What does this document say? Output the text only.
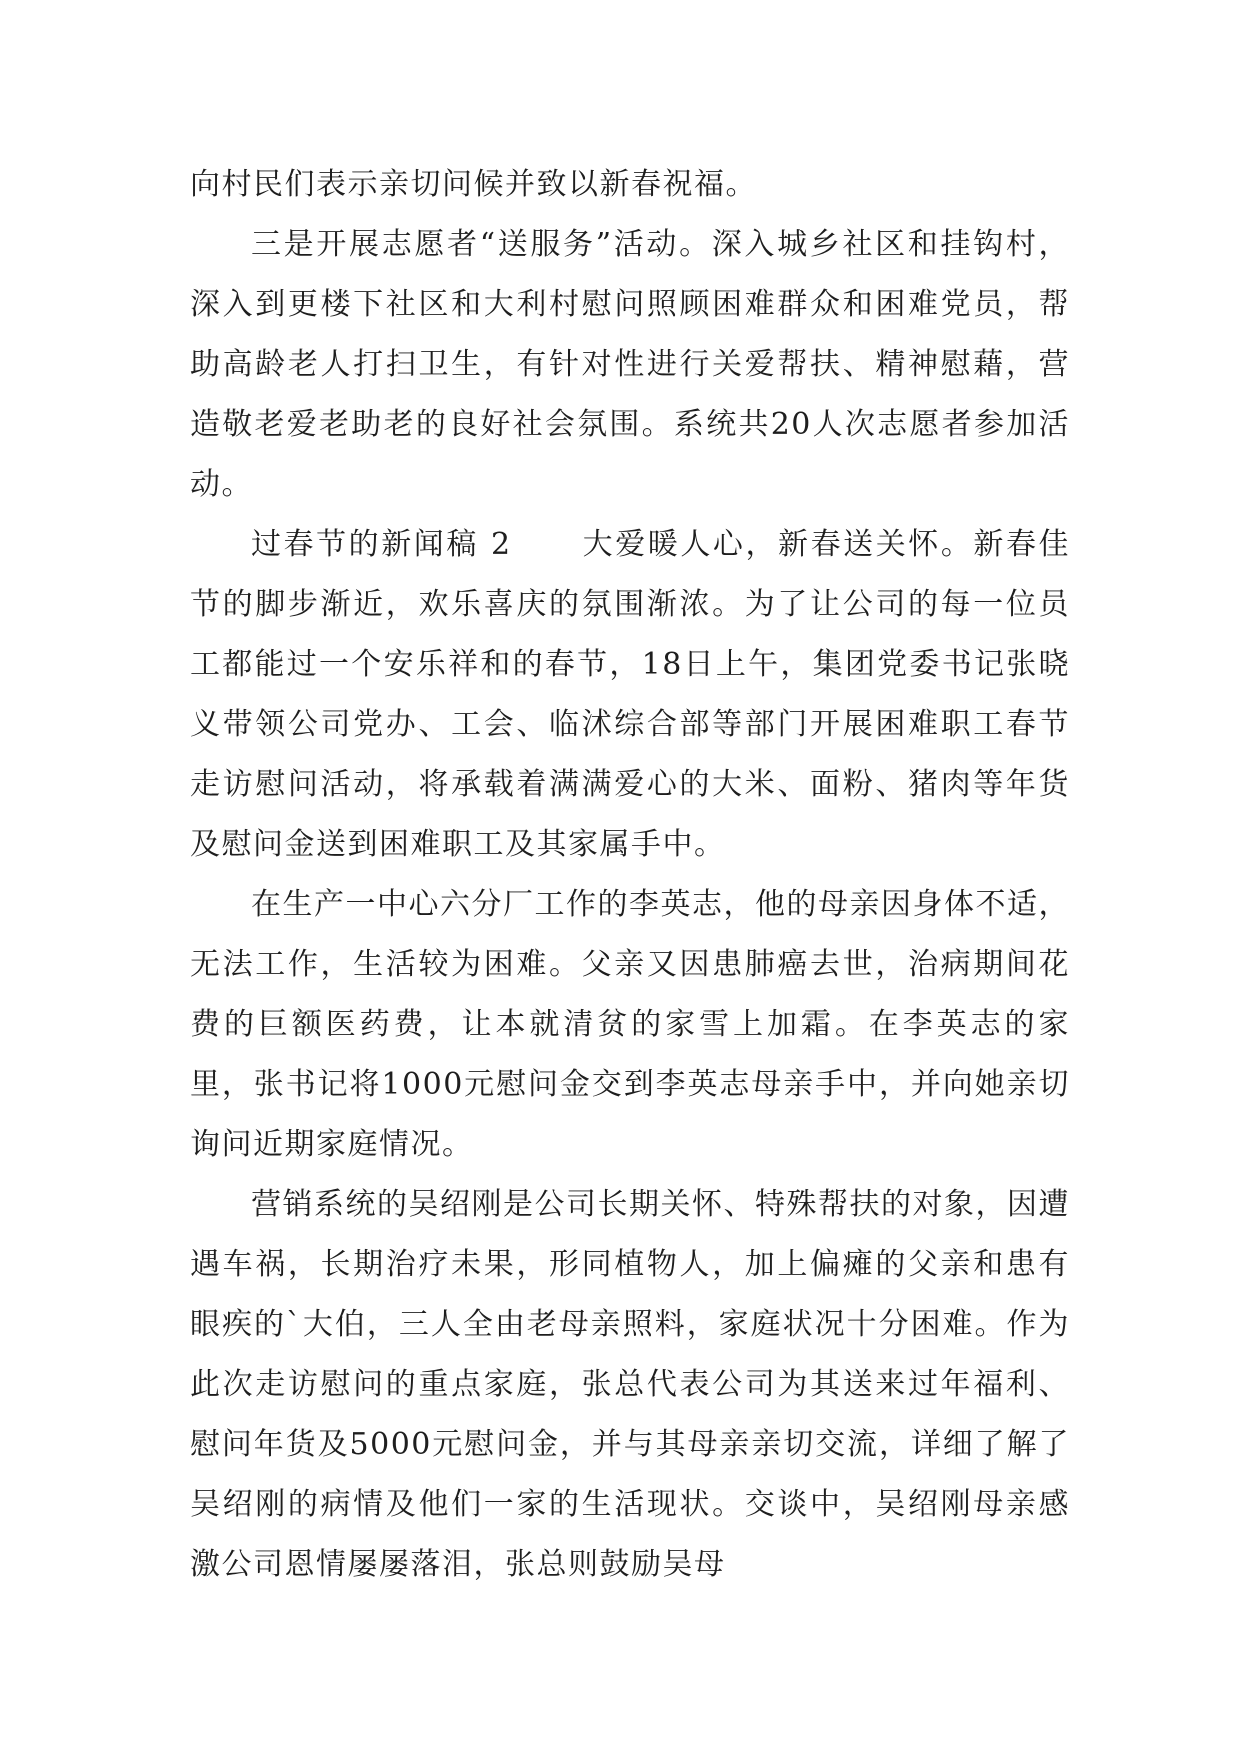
向村民们表示亲切问候并致以新春祝福。

三是开展志愿者“送服务”活动。深入城乡社区和挂钩村，深入到更楼下社区和大利村慰问照顾困难群众和困难党员，帮助高龄老人打扫卫生，有针对性进行关爱帮扶、精神慰藉，营造敬老爱老助老的良好社会氛围。系统共20人次志愿者参加活动。

过春节的新闻稿 2 大爱暖人心，新春送关怀。新春佳节的脚步渐近，欢乐喜庆的氛围渐浓。为了让公司的每一位员工都能过一个安乐祥和的春节，18日上午，集团党委书记张晓义带领公司党办、工会、临沭综合部等部门开展困难职工春节走访慰问活动，将承载着满满爱心的大米、面粉、猪肉等年货及慰问金送到困难职工及其家属手中。

在生产一中心六分厂工作的李英志，他的母亲因身体不适，无法工作，生活较为困难。父亲又因患肺癌去世，治病期间花费的巨额医药费，让本就清贫的家雪上加霜。在李英志的家里，张书记将1000元慰问金交到李英志母亲手中，并向她亲切询问近期家庭情况。

营销系统的吴绍刚是公司长期关怀、特殊帮扶的对象，因遭遇车祸，长期治疗未果，形同植物人，加上偏瘫的父亲和患有眼疾的`大伯，三人全由老母亲照料，家庭状况十分困难。作为此次走访慰问的重点家庭，张总代表公司为其送来过年福利、慰问年货及5000元慰问金，并与其母亲亲切交流，详细了解了吴绍刚的病情及他们一家的生活现状。交谈中，吴绍刚母亲感激公司恩情屡屡落泪，张总则鼓励吴母
